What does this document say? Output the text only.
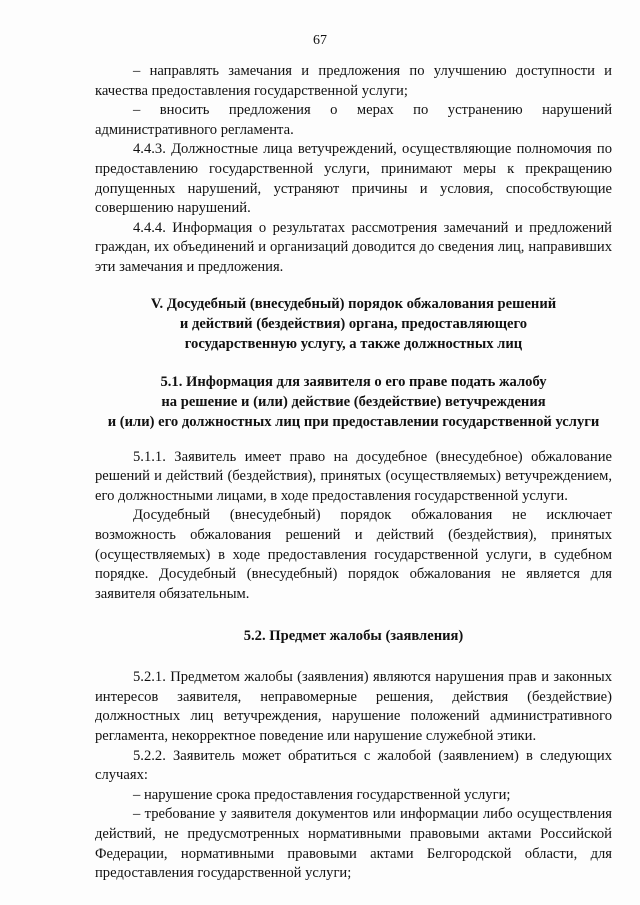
67

– направлять замечания и предложения по улучшению доступности и качества предоставления государственной услуги;

– вносить предложения о мерах по устранению нарушений административного регламента.

4.4.3. Должностные лица ветучреждений, осуществляющие полномочия по предоставлению государственной услуги, принимают меры к прекращению допущенных нарушений, устраняют причины и условия, способствующие совершению нарушений.

4.4.4. Информация о результатах рассмотрения замечаний и предложений граждан, их объединений и организаций доводится до сведения лиц, направивших эти замечания и предложения.

V. Досудебный (внесудебный) порядок обжалования решений
и действий (бездействия) органа, предоставляющего
государственную услугу, а также должностных лиц
5.1. Информация для заявителя о его праве подать жалобу
на решение и (или) действие (бездействие) ветучреждения
и (или) его должностных лиц при предоставлении государственной услуги

5.1.1. Заявитель имеет право на досудебное (внесудебное) обжалование решений и действий (бездействия), принятых (осуществляемых) ветучреждением, его должностными лицами, в ходе предоставления государственной услуги.

Досудебный (внесудебный) порядок обжалования не исключает возможность обжалования решений и действий (бездействия), принятых (осуществляемых) в ходе предоставления государственной услуги, в судебном порядке. Досудебный (внесудебный) порядок обжалования не является для заявителя обязательным.

5.2. Предмет жалобы (заявления)

5.2.1. Предметом жалобы (заявления) являются нарушения прав и законных интересов заявителя, неправомерные решения, действия (бездействие) должностных лиц ветучреждения, нарушение положений административного регламента, некорректное поведение или нарушение служебной этики.

5.2.2. Заявитель может обратиться с жалобой (заявлением) в следующих случаях:

– нарушение срока предоставления государственной услуги;

– требование у заявителя документов или информации либо осуществления действий, не предусмотренных нормативными правовыми актами Российской Федерации, нормативными правовыми актами Белгородской области, для предоставления государственной услуги;
